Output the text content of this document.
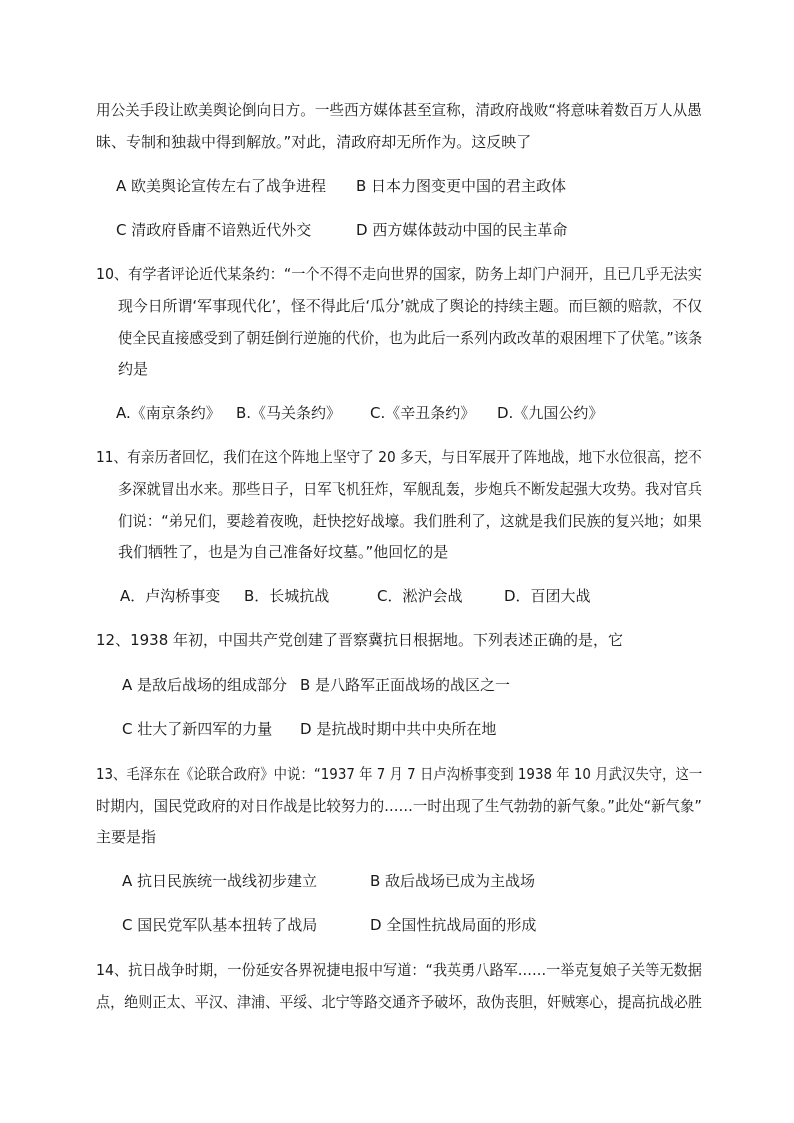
用公关手段让欧美舆论倒向日方。一些西方媒体甚至宣称，清政府战败“将意味着数百万人从愚
昧、专制和独裁中得到解放。”对此，清政府却无所作为。这反映了
A 欧美舆论宣传左右了战争进程 B 日本力图变更中国的君主政体
C 清政府昏庸不谙熟近代外交	D 西方媒体鼓动中国的民主革命
10、有学者评论近代某条约：“一个不得不走向世界的国家，防务上却门户洞开，且已几乎无法实
现今日所谓‘军事现代化’，怪不得此后‘瓜分’就成了舆论的持续主题。而巨额的赔款，不仅
使全民直接感受到了朝廷倒行逆施的代价，也为此后一系列内政改革的艰困埋下了伏笔。”该条
约是
A.《南京条约》 B.《马关条约》 C.《辛丑条约》 D.《九国公约》
11、有亲历者回忆，我们在这个阵地上坚守了 20 多天，与日军展开了阵地战，地下水位很高，挖不
多深就冒出水来。那些日子，日军飞机狂炸，军舰乱轰，步炮兵不断发起强大攻势。我对官兵
们说：“弟兄们，要趁着夜晚，赶快挖好战壕。我们胜利了，这就是我们民族的复兴地；如果
我们牺牲了，也是为自己准备好坟墓。”他回忆的是
A．卢沟桥事变 B．长城抗战	C．淞沪会战	D．百团大战
12、1938 年初，中国共产党创建了晋察冀抗日根据地。下列表述正确的是，它
A 是敌后战场的组成部分 B 是八路军正面战场的战区之一
C 壮大了新四军的力量 D 是抗战时期中共中央所在地
13、毛泽东在《论联合政府》中说：“1937 年 7 月 7 日卢沟桥事变到 1938 年 10 月武汉失守，这一
时期内，国民党政府的对日作战是比较努力的……一时出现了生气勃勃的新气象。”此处“新气象”
主要是指
A 抗日民族统一战线初步建立	B 敌后战场已成为主战场
C 国民党军队基本扭转了战局	D 全国性抗战局面的形成
14、抗日战争时期，一份延安各界祝捷电报中写道：“我英勇八路军……一举克复娘子关等无数据
点，绝则正太、平汉、津浦、平绥、北宁等路交通齐予破坏，敌伪丧胆，奸贼寒心，提高抗战必胜
